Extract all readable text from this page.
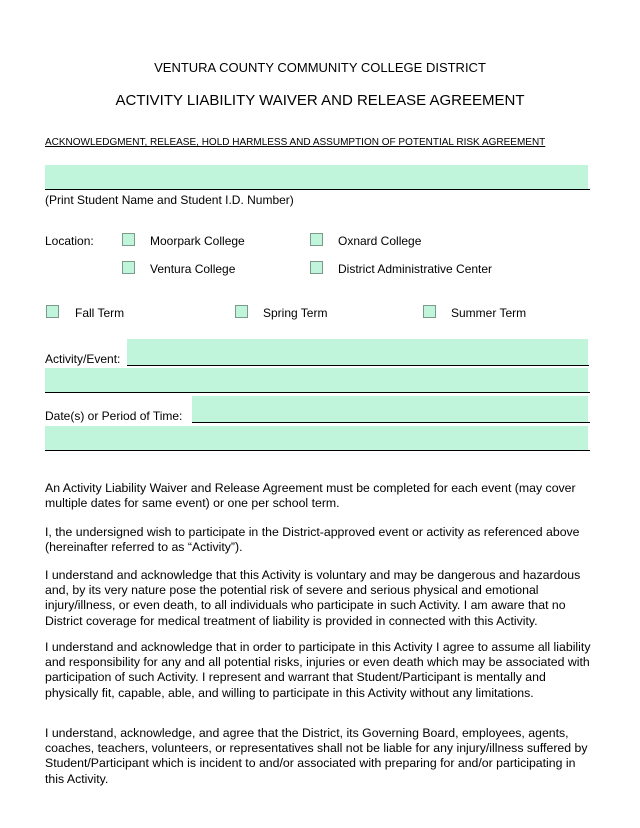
VENTURA COUNTY COMMUNITY COLLEGE DISTRICT
ACTIVITY LIABILITY WAIVER AND RELEASE AGREEMENT
ACKNOWLEDGMENT, RELEASE, HOLD HARMLESS AND ASSUMPTION OF POTENTIAL RISK AGREEMENT
(Print Student Name and Student I.D. Number)
Location:	Moorpark College	Oxnard College
Ventura College	District Administrative Center
Fall Term	Spring Term	Summer Term
Activity/Event:
Date(s) or Period of Time:

An Activity Liability Waiver and Release Agreement must be completed for each event (may cover multiple dates for same event) or one per school term.

I, the undersigned wish to participate in the District-approved event or activity as referenced above (hereinafter referred to as “Activity”).

I understand and acknowledge that this Activity is voluntary and may be dangerous and hazardous and, by its very nature pose the potential risk of severe and serious physical and emotional injury/illness, or even death, to all individuals who participate in such Activity. I am aware that no District coverage for medical treatment of liability is provided in connected with this Activity.

I understand and acknowledge that in order to participate in this Activity I agree to assume all liability and responsibility for any and all potential risks, injuries or even death which may be associated with participation of such Activity. I represent and warrant that Student/Participant is mentally and physically fit, capable, able, and willing to participate in this Activity without any limitations.

I understand, acknowledge, and agree that the District, its Governing Board, employees, agents, coaches, teachers, volunteers, or representatives shall not be liable for any injury/illness suffered by Student/Participant which is incident to and/or associated with preparing for and/or participating in this Activity.
